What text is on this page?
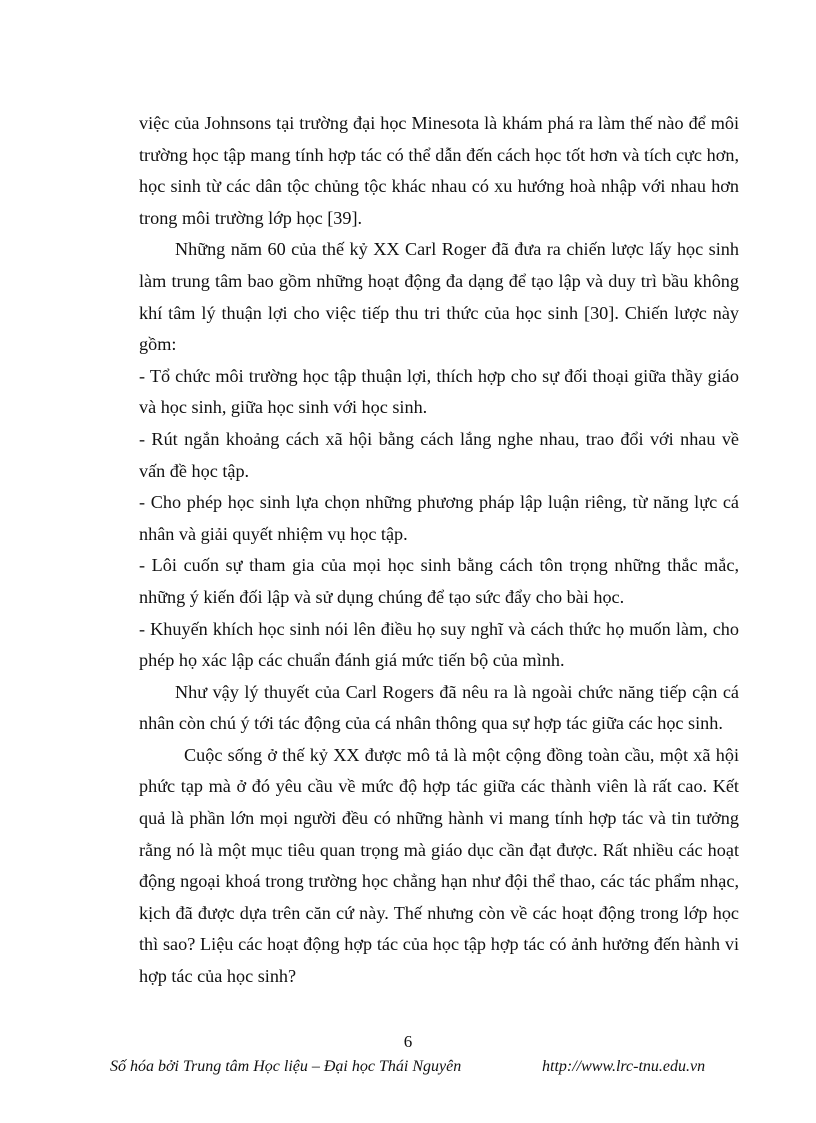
việc của Johnsons tại trường đại học Minesota là khám phá ra làm thế nào để môi trường học tập mang tính hợp tác có thể dẫn đến cách học tốt hơn và tích cực hơn, học sinh từ các dân tộc chủng tộc khác nhau có xu hướng hoà nhập với nhau hơn trong môi trường lớp học [39].

Những năm 60 của thế kỷ XX Carl Roger đã đưa ra chiến lược lấy học sinh làm trung tâm bao gồm những hoạt động đa dạng để tạo lập và duy trì bầu không khí tâm lý thuận lợi cho việc tiếp thu tri thức của học sinh [30]. Chiến lược này gồm:

- Tổ chức môi trường học tập thuận lợi, thích hợp cho sự đối thoại giữa thầy giáo và học sinh, giữa học sinh với học sinh.

- Rút ngắn khoảng cách xã hội bằng cách lắng nghe nhau, trao đổi với nhau về vấn đề học tập.

- Cho phép học sinh lựa chọn những phương pháp lập luận riêng, từ năng lực cá nhân và giải quyết nhiệm vụ học tập.

- Lôi cuốn sự tham gia của mọi học sinh bằng cách tôn trọng những thắc mắc, những ý kiến đối lập và sử dụng chúng để tạo sức đẩy cho bài học.

- Khuyến khích học sinh nói lên điều họ suy nghĩ và cách thức họ muốn làm, cho phép họ xác lập các chuẩn đánh giá mức tiến bộ của mình.

Như vậy lý thuyết của Carl Rogers đã nêu ra là ngoài chức năng tiếp cận cá nhân còn chú ý tới tác động của cá nhân thông qua sự hợp tác giữa các học sinh.

Cuộc sống ở thế kỷ XX được mô tả là một cộng đồng toàn cầu, một xã hội phức tạp mà ở đó yêu cầu về mức độ hợp tác giữa các thành viên là rất cao. Kết quả là phần lớn mọi người đều có những hành vi mang tính hợp tác và tin tưởng rằng nó là một mục tiêu quan trọng mà giáo dục cần đạt được. Rất nhiều các hoạt động ngoại khoá trong trường học chẳng hạn như đội thể thao, các tác phẩm nhạc, kịch đã được dựa trên căn cứ này. Thế nhưng còn về các hoạt động trong lớp học thì sao? Liệu các hoạt động hợp tác của học tập hợp tác có ảnh hưởng đến hành vi hợp tác của học sinh?

6
Số hóa bởi Trung tâm Học liệu – Đại học Thái Nguyên	http://www.lrc-tnu.edu.vn
